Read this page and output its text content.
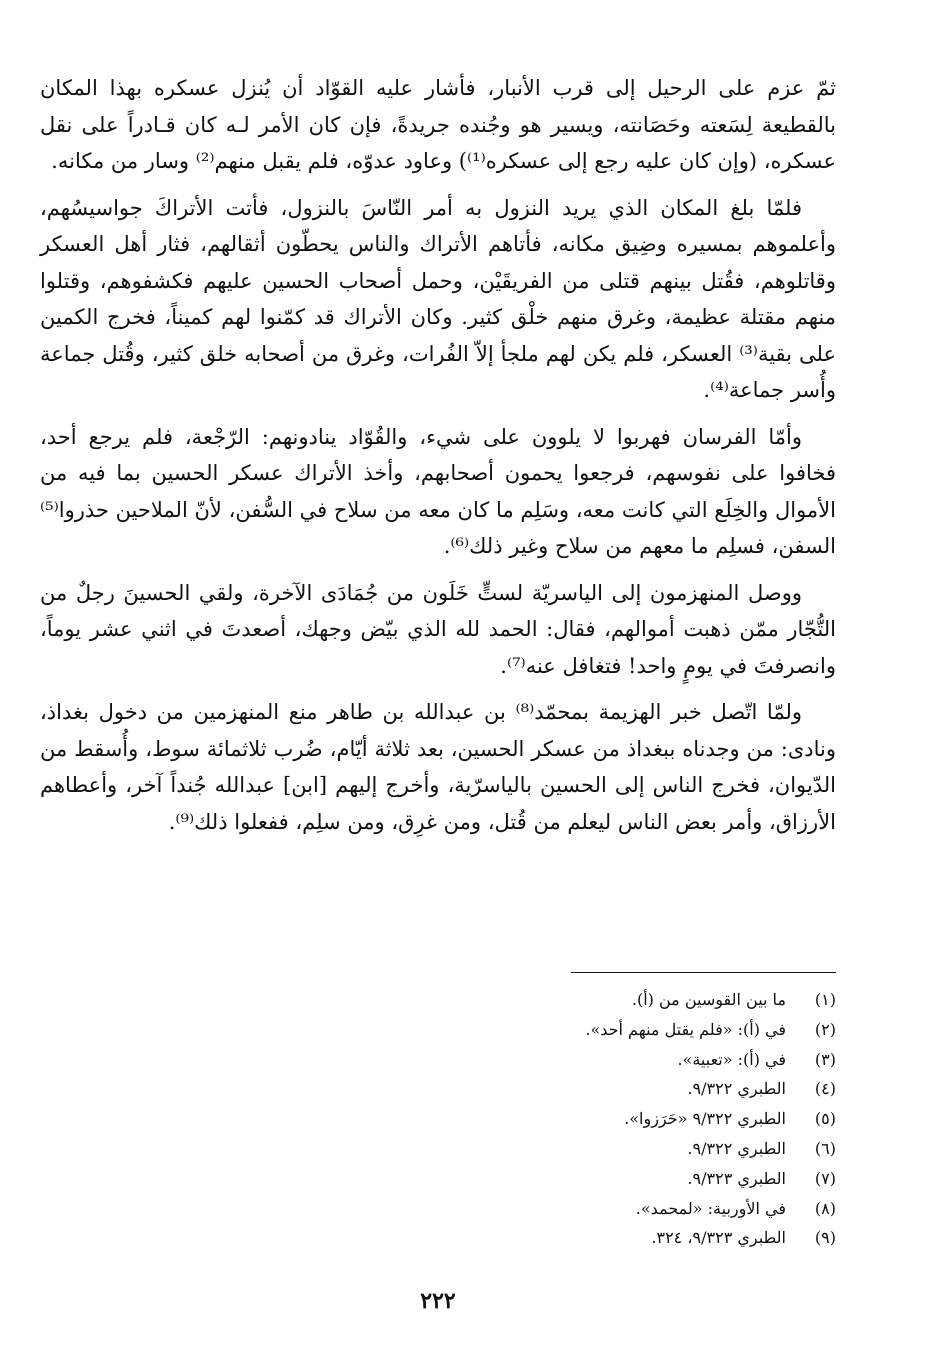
ثمّ عزم على الرحيل إلى قرب الأنبار، فأشار عليه القوّاد أن يُنزل عسكره بهذا المكان بالقطيعة لِسَعته وحَصَانته، ويسير هو وجُنده جريدةً، فإن كان الأمر لـه كان قـادراً على نقل عسكره، (وإن كان عليه رجع إلى عسكره⁽¹⁾) وعاود عدوّه، فلم يقبل منهم⁽²⁾ وسار من مكانه.

فلمّا بلغ المكان الذي يريد النزول به أمر النّاسَ بالنزول، فأتت الأتراكَ جواسيسُهم، وأعلموهم بمسيره وضِيق مكانه، فأتاهم الأتراك والناس يحطّون أثقالهم، فثار أهل العسكر وقاتلوهم، فقُتل بينهم قتلى من الفريقَيْن، وحمل أصحاب الحسين عليهم فكشفوهم، وقتلوا منهم مقتلة عظيمة، وغرق منهم خلْق كثير. وكان الأتراك قد كمّنوا لهم كميناً، فخرج الكمين على بقية⁽³⁾ العسكر، فلم يكن لهم ملجأ إلاّ الفُرات، وغرق من أصحابه خلق كثير، وقُتل جماعة وأُسر جماعة⁽⁴⁾.

وأمّا الفرسان فهربوا لا يلوون على شيء، والقُوّاد ينادونهم: الرّجْعة، فلم يرجع أحد، فخافوا على نفوسهم، فرجعوا يحمون أصحابهم، وأخذ الأتراك عسكر الحسين بما فيه من الأموال والخِلَع التي كانت معه، وسَلِم ما كان معه من سلاح في السُّفن، لأنّ الملاحين حذروا⁽⁵⁾ السفن، فسلِم ما معهم من سلاح وغير ذلك⁽⁶⁾.

ووصل المنهزمون إلى الياسريّة لستٍّ خَلَون من جُمَادَى الآخرة، ولقي الحسينَ رجلٌ من التُّجّار ممّن ذهبت أموالهم، فقال: الحمد لله الذي بيّض وجهك، أصعدتَ في اثني عشر يوماً، وانصرفتَ في يومٍ واحد! فتغافل عنه⁽⁷⁾.

ولمّا اتّصل خبر الهزيمة بمحمّد⁽⁸⁾ بن عبدالله بن طاهر منع المنهزمين من دخول بغداذ، ونادى: من وجدناه ببغداذ من عسكر الحسين، بعد ثلاثة أيّام، ضُرب ثلاثمائة سوط، وأُسقط من الدّيوان، فخرج الناس إلى الحسين بالياسرّية، وأخرج إليهم [ابن] عبدالله جُنداً آخر، وأعطاهم الأرزاق، وأمر بعض الناس ليعلم من قُتل، ومن غرِق، ومن سلِم، ففعلوا ذلك⁽⁹⁾.

(١)
ما بين القوسين من (أ).
(٢)
في (أ): «فلم يقتل منهم أحد».
(٣)
في (أ): «تعبية».
(٤)
الطبري ٩/٣٢٢.
(٥)
الطبري ٩/٣٢٢ «حَرَزوا».
(٦)
الطبري ٩/٣٢٢.
(٧)
الطبري ٩/٣٢٣.
(٨)
في الأوربية: «لمحمد».
(٩)
الطبري ٩/٣٢٣، ٣٢٤.
٢٢٢
